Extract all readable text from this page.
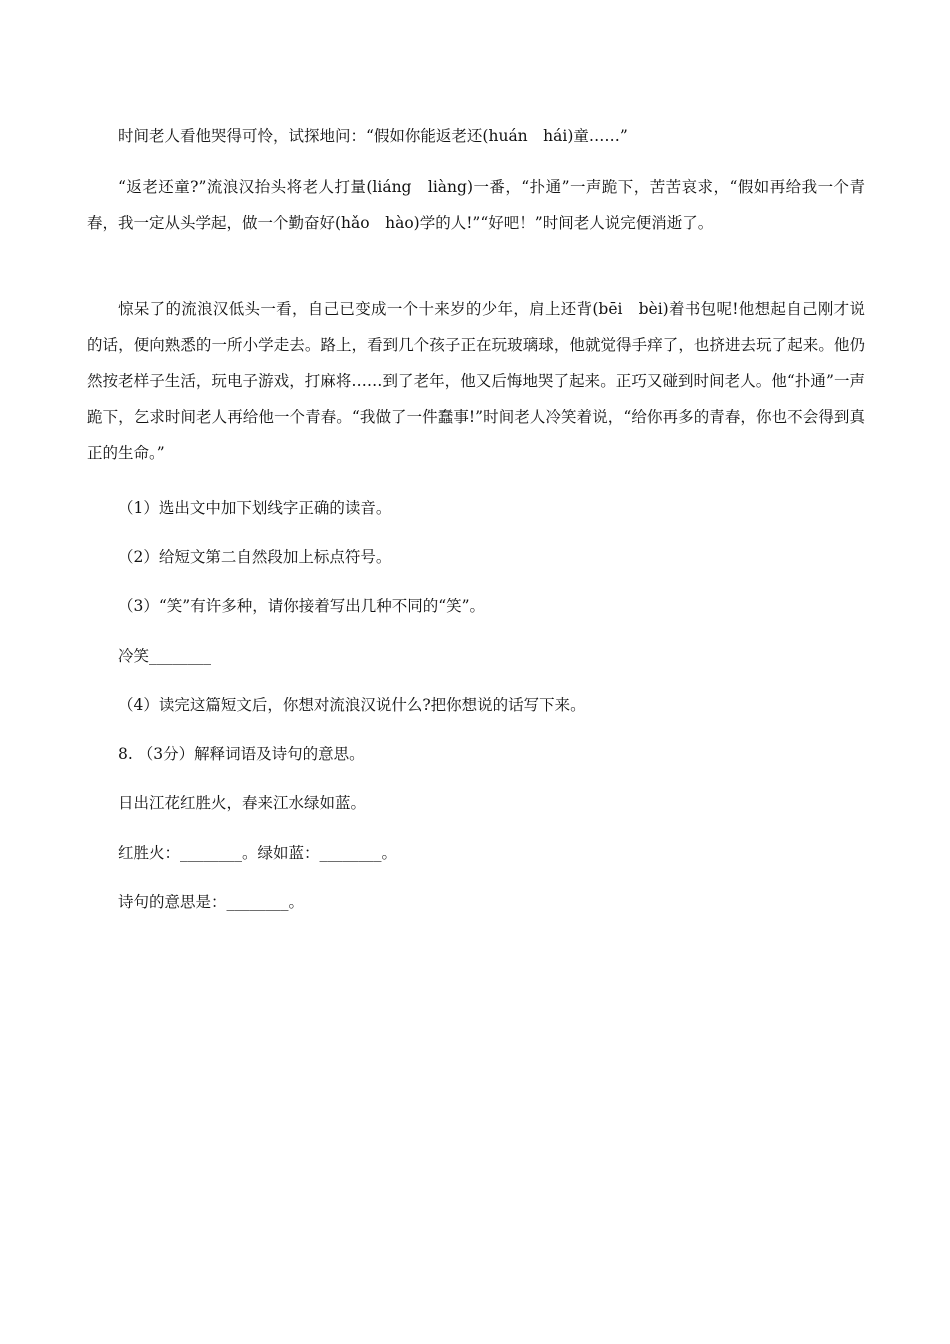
时间老人看他哭得可怜，试探地问：“假如你能返老还(huán　hái)童……”

“返老还童?”流浪汉抬头将老人打量(liáng　liàng)一番，“扑通”一声跪下，苦苦哀求，“假如再给我一个青春，我一定从头学起，做一个勤奋好(hǎo　hào)学的人!”“好吧！”时间老人说完便消逝了。

惊呆了的流浪汉低头一看，自己已变成一个十来岁的少年，肩上还背(bēi　bèi)着书包呢!他想起自己刚才说的话，便向熟悉的一所小学走去。路上，看到几个孩子正在玩玻璃球，他就觉得手痒了，也挤进去玩了起来。他仍然按老样子生活，玩电子游戏，打麻将……到了老年，他又后悔地哭了起来。正巧又碰到时间老人。他“扑通”一声跪下，乞求时间老人再给他一个青春。“我做了一件蠢事!”时间老人冷笑着说，“给你再多的青春，你也不会得到真正的生命。”

（1）选出文中加下划线字正确的读音。

（2）给短文第二自然段加上标点符号。

（3）“笑”有许多种，请你接着写出几种不同的“笑”。

冷笑________

（4）读完这篇短文后，你想对流浪汉说什么?把你想说的话写下来。

8. （3分）解释词语及诗句的意思。

日出江花红胜火，春来江水绿如蓝。

红胜火：________。绿如蓝：________。

诗句的意思是：________。
